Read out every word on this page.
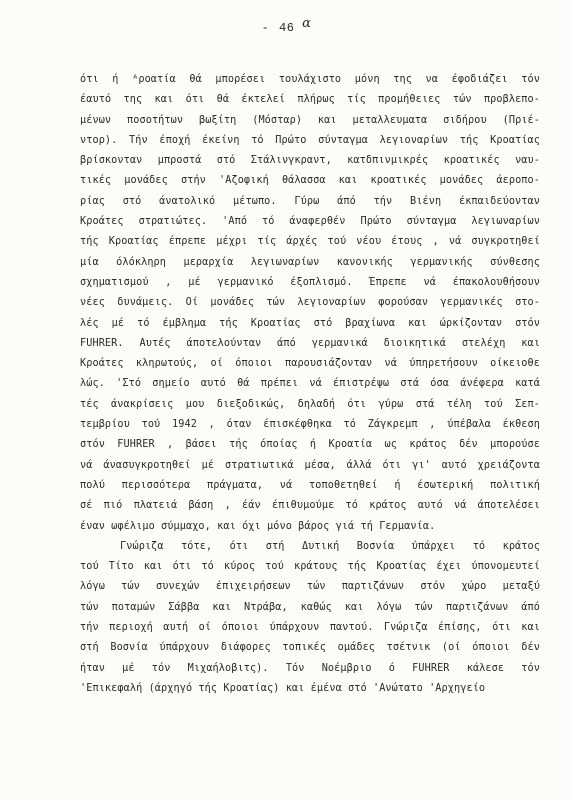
- 46 α
ότι ή ᴬροατία θά μπορέσει τουλάχιστο μόνη της να έφοδιάζει τόν
έαυτό της και ότι θά έκτελεί πλήρως τίς προμήθειες τών προβλεπο-
μένων ποσοτήτων βωξίτη (Μόσταρ) και μεταλλευματα σιδήρου (Πριέ-
ντορ). Τήν έποχή έκείνη τό Πρώτο σύνταγμα λεγιοναρίων τής Κροατίας
βρίσκονταν μπροστά στό Στάλινγκραντ, κατδπινμικρές κροατικές ναυ-
τικές μονάδες στήν 'Αζοφική θάλασσα και κροατικές μονάδες άεροπο-
ρίας στό άνατολικό μέτωπο. Γύρω άπό τήν Βιένη έκπαιδεύονταν
Κροάτες στρατιώτες. 'Από τό άναφερθέν Πρώτο σύνταγμα λεγιωναρίων
τής Κροατίας έπρεπε μέχρι τίς άρχές τού νέου έτους , νά συγκροτηθεί
μία όλόκληρη μεραρχία λεγιωναρίων κανονικής γερμανικής σύνθεσης
σχηματισμού , μέ γερμανικό έξοπλισμό. Έπρεπε νά έπακολουθήσουν
νέες δυνάμεις. Οί μονάδες τών λεγιοναρίων φορούσαν γερμανικές στο-
λές μέ τό έμβλημα τής Κροατίας στό βραχίωνα και ώρκίζονταν στόν
FUHRER. Αυτές άποτελούνταν άπό γερμανικά διοικητικά στελέχη και
Κροάτες κληρωτούς, οί όποιοι παρουσιάζονταν νά ύπηρετήσουν οίκειοθε
λώς. 'Στό σημείο αυτό θά πρέπει νά έπιστρέψω στά όσα άνέφερα κατά
τές άνακρίσεις μου διεξοδικώς, δηλαδή ότι γύρω στά τέλη τού Σεπ-
τεμβρίου τού 1942 , όταν έπισκέφθηκα τό Ζάγκρεμπ , ύπέβαλα έκθεση
στόν FUHRER , βάσει τής όποίας ή Κροατία ως κράτος δέν μπορούσε
νά άνασυγκροτηθεί μέ στρατιωτικά μέσα, άλλά ότι γι' αυτό χρειάζοντα
πολύ περισσότερα πράγματα, νά τοποθετηθεί ή έσωτερική πολιτική
σέ πιό πλατειά βάση , έάν έπιθυμούμε τό κράτος αυτό νά άποτελέσει
έναν ωφέλιμο σύμμαχο, και όχι μόνο βάρος γιά τή Γερμανία.
Γνώριζα τότε, ότι στή Δυτική Βοσνία ύπάρχει τό κράτος
τού Τίτο και ότι τό κύρος τού κράτους τής Κροατίας έχει ύπονομευτεί
λόγω τών συνεχών έπιχειρήσεων τών παρτιζάνων στόν χώρο μεταξύ
τών ποταμών Σάββα και Ντράβα, καθώς και λόγω τών παρτιζάνων άπό
τήν περιοχή αυτή οί όποιοι ύπάρχουν παντού. Γνώριζα έπίσης, ότι και
στή Βοσνία ύπάρχουν διάφορες τοπικές ομάδες τσέτνικ (οί όποιοι δέν
ήταν μέ τόν Μιχαήλοβιτς). Τόν Νοέμβριο ό FUHRER κάλεσε τόν
'Επικεφαλή (άρχηγό τής Κροατίας) και έμένα στό 'Ανώτατο 'Αρχηγείο
